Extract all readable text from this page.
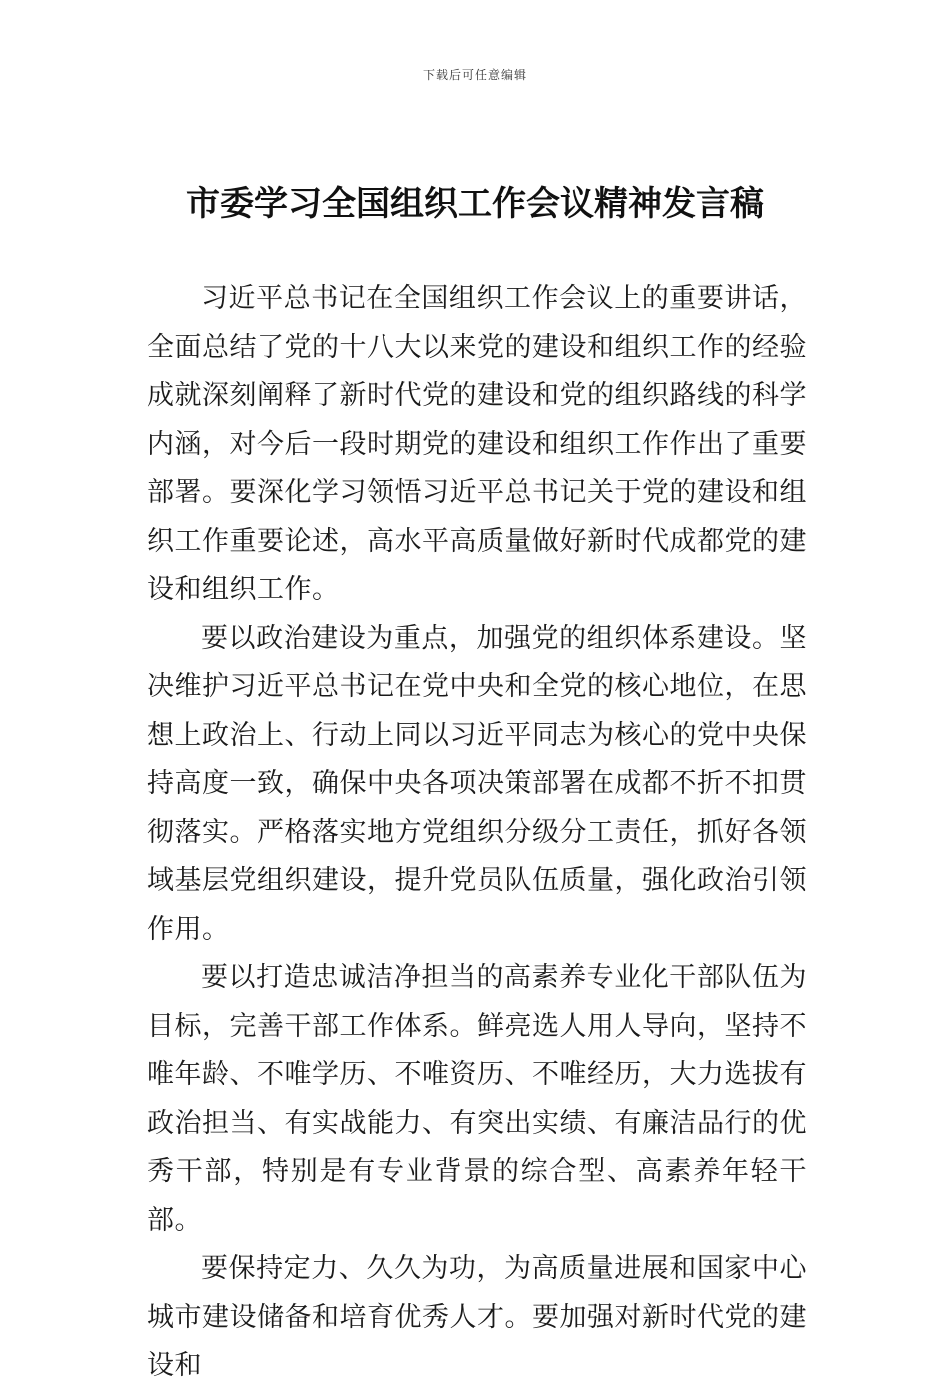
下载后可任意编辑
市委学习全国组织工作会议精神发言稿

习近平总书记在全国组织工作会议上的重要讲话，全面总结了党的十八大以来党的建设和组织工作的经验成就深刻阐释了新时代党的建设和党的组织路线的科学内涵，对今后一段时期党的建设和组织工作作出了重要部署。要深化学习领悟习近平总书记关于党的建设和组织工作重要论述，高水平高质量做好新时代成都党的建设和组织工作。

要以政治建设为重点，加强党的组织体系建设。坚决维护习近平总书记在党中央和全党的核心地位，在思想上政治上、行动上同以习近平同志为核心的党中央保持高度一致，确保中央各项决策部署在成都不折不扣贯彻落实。严格落实地方党组织分级分工责任，抓好各领域基层党组织建设，提升党员队伍质量，强化政治引领作用。

要以打造忠诚洁净担当的高素养专业化干部队伍为目标，完善干部工作体系。鲜亮选人用人导向，坚持不唯年龄、不唯学历、不唯资历、不唯经历，大力选拔有政治担当、有实战能力、有突出实绩、有廉洁品行的优秀干部，特别是有专业背景的综合型、高素养年轻干部。

要保持定力、久久为功，为高质量进展和国家中心城市建设储备和培育优秀人才。要加强对新时代党的建设和
